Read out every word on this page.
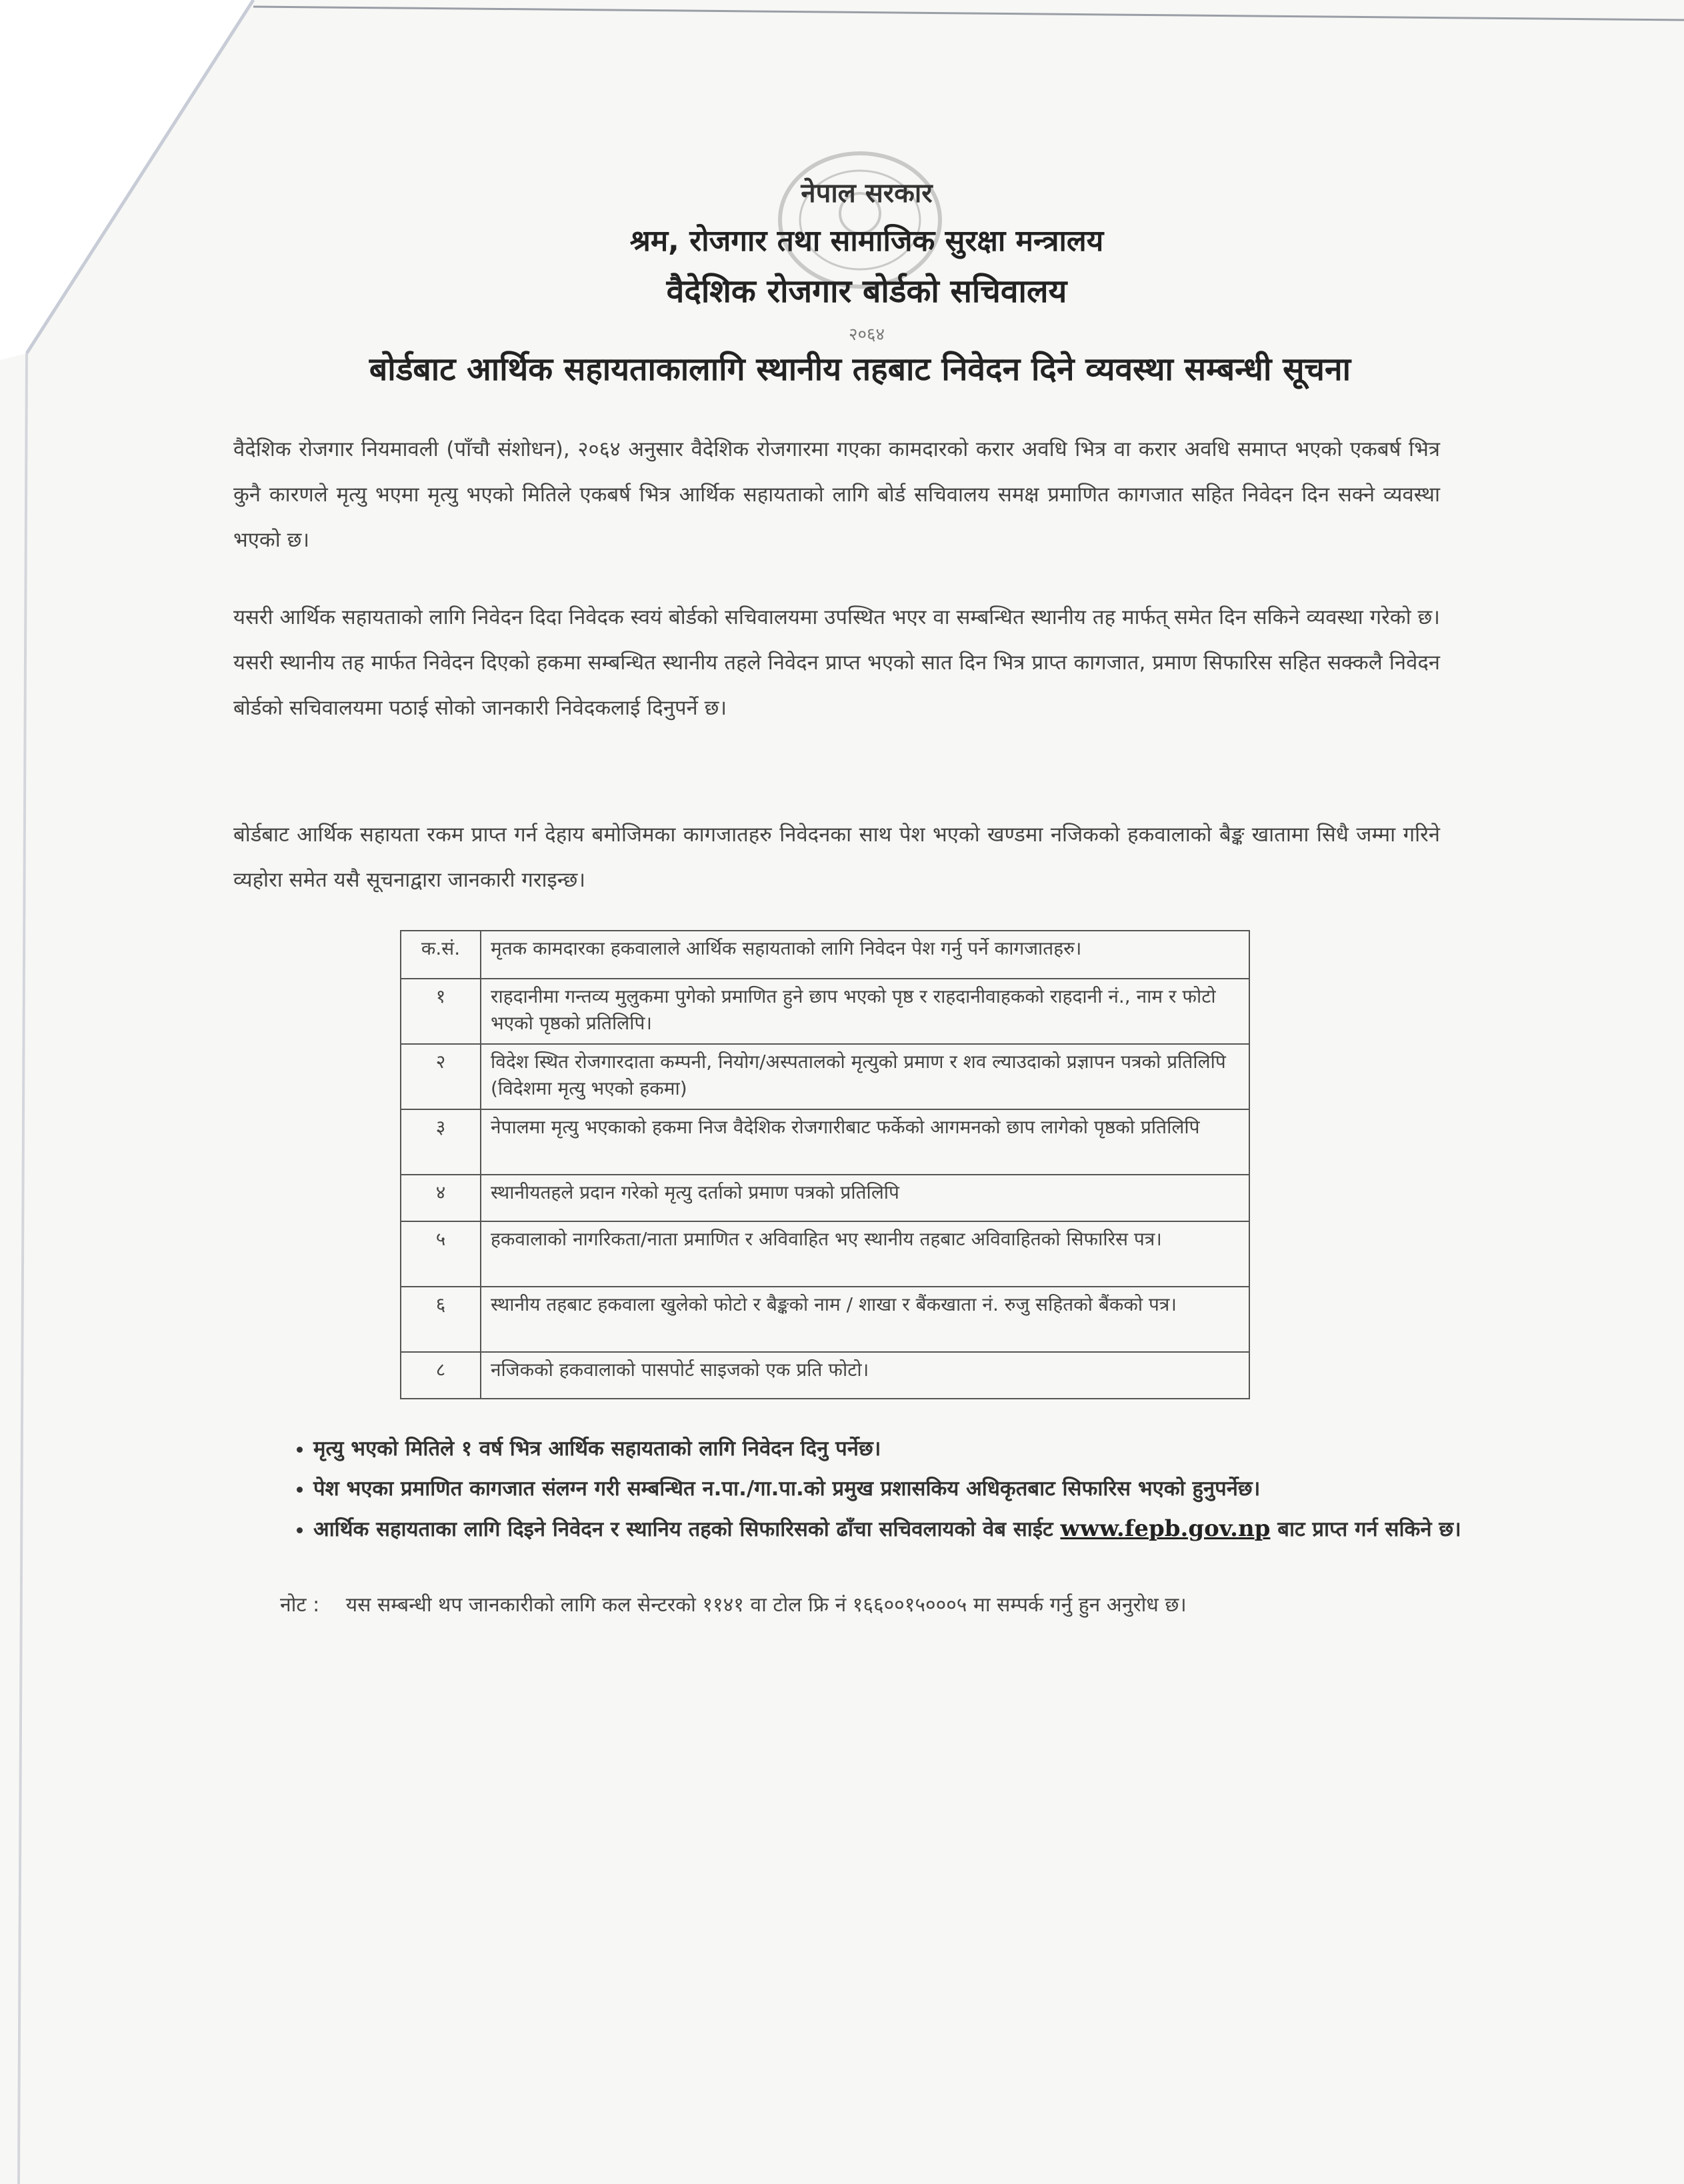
नेपाल सरकार
श्रम, रोजगार तथा सामाजिक सुरक्षा मन्त्रालय
वैदेशिक रोजगार बोर्डको सचिवालय
२०६४
बोर्डबाट आर्थिक सहायताकालागि स्थानीय तहबाट निवेदन दिने व्यवस्था सम्बन्धी सूचना
वैदेशिक रोजगार नियमावली (पाँचौ संशोधन), २०६४ अनुसार वैदेशिक रोजगारमा गएका कामदारको करार अवधि भित्र वा करार अवधि समाप्त भएको एकबर्ष भित्र कुनै कारणले मृत्यु भएमा मृत्यु भएको मितिले एकबर्ष भित्र आर्थिक सहायताको लागि बोर्ड सचिवालय समक्ष प्रमाणित कागजात सहित निवेदन दिन सक्ने व्यवस्था भएको छ।
यसरी आर्थिक सहायताको लागि निवेदन दिदा निवेदक स्वयं बोर्डको सचिवालयमा उपस्थित भएर वा सम्बन्धित स्थानीय तह मार्फत् समेत दिन सकिने व्यवस्था गरेको छ। यसरी स्थानीय तह मार्फत निवेदन दिएको हकमा सम्बन्धित स्थानीय तहले निवेदन प्राप्त भएको सात दिन भित्र प्राप्त कागजात, प्रमाण सिफारिस सहित सक्कलै निवेदन बोर्डको सचिवालयमा पठाई सोको जानकारी निवेदकलाई दिनुपर्ने छ।
बोर्डबाट आर्थिक सहायता रकम प्राप्त गर्न देहाय बमोजिमका कागजातहरु निवेदनका साथ पेश भएको खण्डमा नजिकको हकवालाको बैङ्क खातामा सिधै जम्मा गरिने व्यहोरा समेत यसै सूचनाद्वारा जानकारी गराइन्छ।
क.सं.	मृतक कामदारका हकवालाले आर्थिक सहायताको लागि निवेदन पेश गर्नु पर्ने कागजातहरु।
१	राहदानीमा गन्तव्य मुलुकमा पुगेको प्रमाणित हुने छाप भएको पृष्ठ र राहदानीवाहकको राहदानी नं., नाम र फोटो भएको पृष्ठको प्रतिलिपि।
२	विदेश स्थित रोजगारदाता कम्पनी, नियोग/अस्पतालको मृत्युको प्रमाण र शव ल्याउदाको प्रज्ञापन पत्रको प्रतिलिपि (विदेशमा मृत्यु भएको हकमा)
३	नेपालमा मृत्यु भएकाको हकमा निज वैदेशिक रोजगारीबाट फर्केको आगमनको छाप लागेको पृष्ठको प्रतिलिपि
४	स्थानीयतहले प्रदान गरेको मृत्यु दर्ताको प्रमाण पत्रको प्रतिलिपि
५	हकवालाको नागरिकता/नाता प्रमाणित र अविवाहित भए स्थानीय तहबाट अविवाहितको सिफारिस पत्र।
६	स्थानीय तहबाट हकवाला खुलेको फोटो र बैङ्कको नाम / शाखा र बैंकखाता नं. रुजु सहितको बैंकको पत्र।
८	नजिकको हकवालाको पासपोर्ट साइजको एक प्रति फोटो।
• मृत्यु भएको मितिले १ वर्ष भित्र आर्थिक सहायताको लागि निवेदन दिनु पर्नेछ।
• पेश भएका प्रमाणित कागजात संलग्न गरी सम्बन्धित न.पा./गा.पा.को प्रमुख प्रशासकिय अधिकृतबाट सिफारिस भएको हुनुपर्नेछ।
• आर्थिक सहायताका लागि दिइने निवेदन र स्थानिय तहको सिफारिसको ढाँचा सचिवलायको वेब साईट www.fepb.gov.np बाट प्राप्त गर्न सकिने छ।
नोट : यस सम्बन्धी थप जानकारीको लागि कल सेन्टरको ११४१ वा टोल फ्रि नं १६६००१५०००५ मा सम्पर्क गर्नु हुन अनुरोध छ।
